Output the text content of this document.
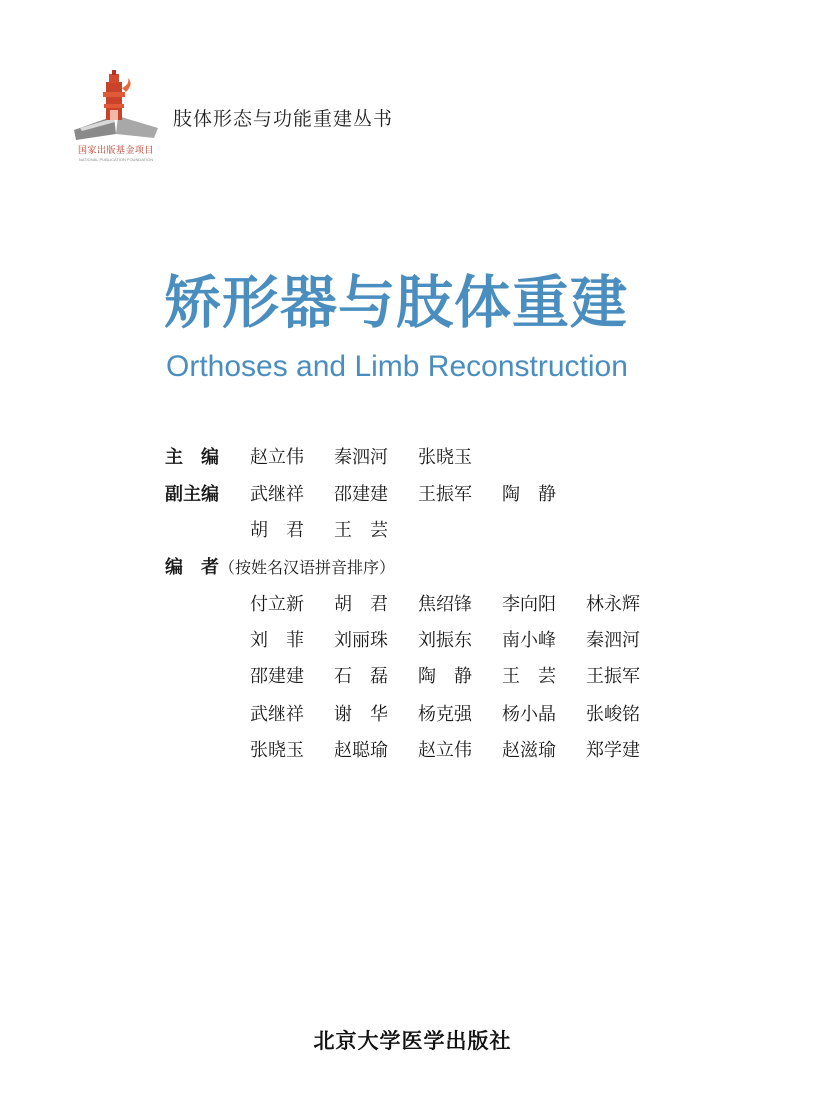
国家出版基金项目
NATIONAL PUBLICATION FOUNDATION
肢体形态与功能重建丛书
矫形器与肢体重建
Orthoses and Limb Reconstruction
主　编 赵立伟 秦泗河 张晓玉
副主编 武继祥 邵建建 王振军 陶　静
胡　君 王　芸
编　者（按姓名汉语拼音排序）
付立新 胡　君 焦绍锋 李向阳 林永辉
刘　菲 刘丽珠 刘振东 南小峰 秦泗河
邵建建 石　磊 陶　静 王　芸 王振军
武继祥 谢　华 杨克强 杨小晶 张峻铭
张晓玉 赵聪瑜 赵立伟 赵滋瑜 郑学建
北京大学医学出版社
